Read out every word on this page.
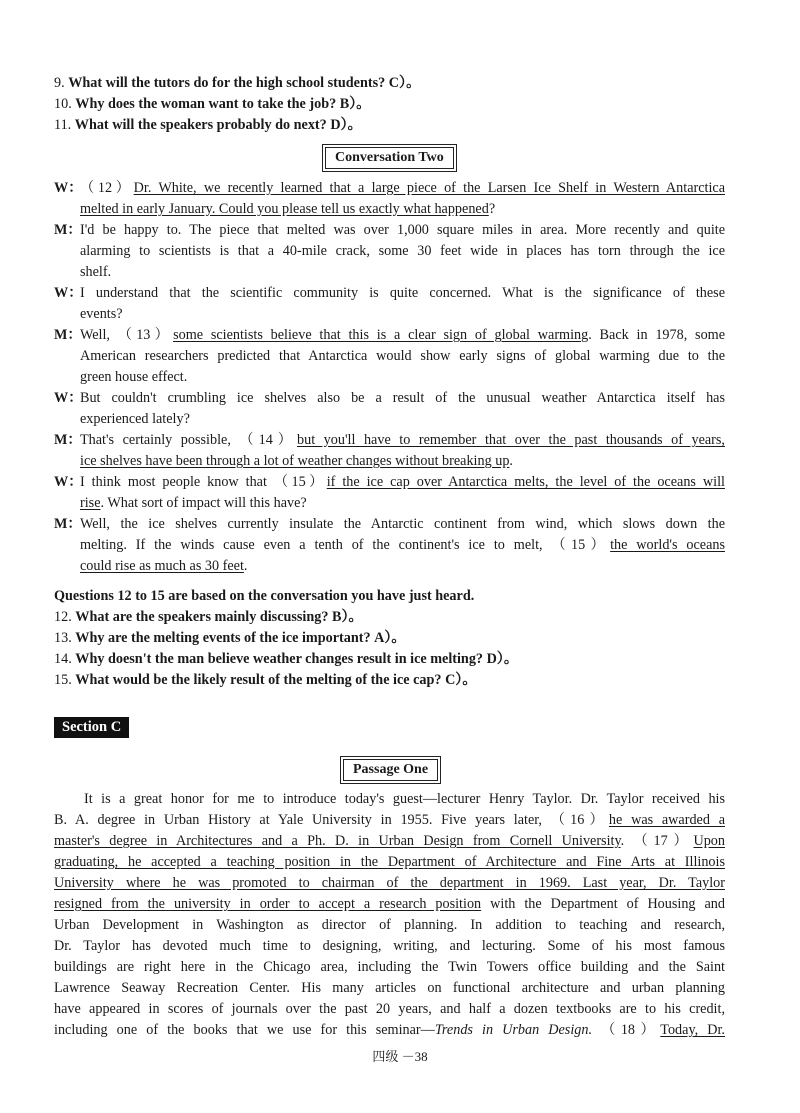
9. What will the tutors do for the high school students? C）。
10. Why does the woman want to take the job? B）。
11. What will the speakers probably do next? D）。
Conversation Two
W：
（12）Dr. White, we recently learned that a large piece of the Larsen Ice Shelf in Western Antarctica
melted in early January. Could you please tell us exactly what happened?
M：
I'd be happy to. The piece that melted was over 1,000 square miles in area. More recently and quite
alarming to scientists is that a 40-mile crack, some 30 feet wide in places has torn through the ice
shelf.
W：
I understand that the scientific community is quite concerned. What is the significance of these
events?
M：
Well, （13）some scientists believe that this is a clear sign of global warming. Back in 1978, some
American researchers predicted that Antarctica would show early signs of global warming due to the
green house effect.
W：
But couldn't crumbling ice shelves also be a result of the unusual weather Antarctica itself has
experienced lately?
M：
That's certainly possible, （14）but you'll have to remember that over the past thousands of years,
ice shelves have been through a lot of weather changes without breaking up.
W：
I think most people know that （15）if the ice cap over Antarctica melts, the level of the oceans will
rise. What sort of impact will this have?
M：
Well, the ice shelves currently insulate the Antarctic continent from wind, which slows down the
melting. If the winds cause even a tenth of the continent's ice to melt, （15）the world's oceans
could rise as much as 30 feet.
Questions 12 to 15 are based on the conversation you have just heard.
12. What are the speakers mainly discussing? B）。
13. Why are the melting events of the ice important? A）。
14. Why doesn't the man believe weather changes result in ice melting? D）。
15. What would be the likely result of the melting of the ice cap? C）。
Section C
Passage One
It is a great honor for me to introduce today's guest—lecturer Henry Taylor. Dr. Taylor received his
B. A. degree in Urban History at Yale University in 1955. Five years later, （16）he was awarded a
master's degree in Architectures and a Ph. D. in Urban Design from Cornell University. （17）Upon
graduating, he accepted a teaching position in the Department of Architecture and Fine Arts at Illinois
University where he was promoted to chairman of the department in 1969. Last year, Dr. Taylor
resigned from the university in order to accept a research position with the Department of Housing and
Urban Development in Washington as director of planning. In addition to teaching and research,
Dr. Taylor has devoted much time to designing, writing, and lecturing. Some of his most famous
buildings are right here in the Chicago area, including the Twin Towers office building and the Saint
Lawrence Seaway Recreation Center. His many articles on functional architecture and urban planning
have appeared in scores of journals over the past 20 years, and half a dozen textbooks are to his credit,
including one of the books that we use for this seminar—Trends in Urban Design. （18）Today, Dr.
四级 －38
